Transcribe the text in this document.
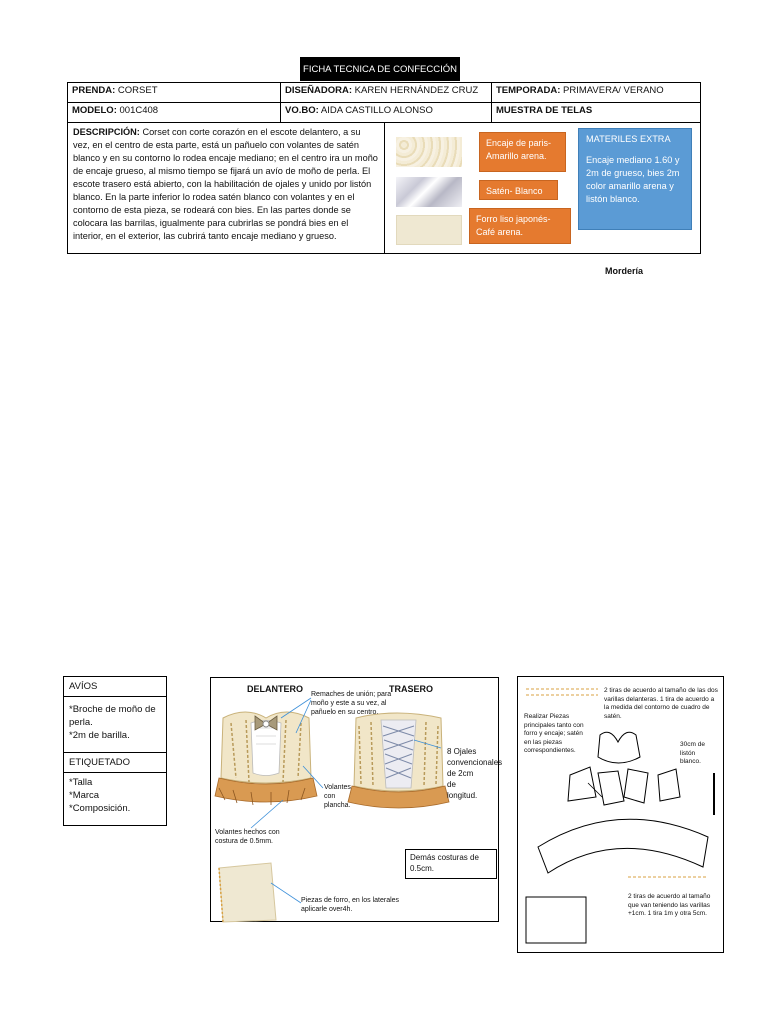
FICHA TECNICA DE CONFECCIÓN
PRENDA: CORSET	DISEÑADORA: KAREN HERNÁNDEZ CRUZ	TEMPORADA: PRIMAVERA/ VERANO
MODELO: 001C408	VO.BO: AIDA CASTILLO ALONSO	MUESTRA DE TELAS
DESCRIPCIÓN: Corset con corte corazón en el escote delantero, a su vez, en el centro de esta parte, está un pañuelo con volantes de satén blanco y en su contorno lo rodea encaje mediano; en el centro ira un moño de encaje grueso, al mismo tiempo se fijará un avío de moño de perla. El escote trasero está abierto, con la habilitación de ojales y unido por listón blanco. En la parte inferior lo rodea satén blanco con volantes y en el contorno de esta pieza, se rodeará con bies. En las partes donde se colocara las barrilas, igualmente para cubrirlas se pondrá bies en el interior, en el exterior, las cubrirá tanto encaje mediano y grueso.
Encaje de paris- Amarillo arena.
Satén- Blanco
Forro liso japonés- Café arena.
MATERILES EXTRA
Encaje mediano 1.60 y 2m de grueso, bies 2m color amarillo arena y listón blanco.
Mordería
AVÍOS
*Broche de moño de perla.
*2m de barilla.
ETIQUETADO
*Talla
*Marca
*Composición.
DELANTERO	TRASERO
Remaches de unión; para moño y este a su vez, al pañuelo en su centro.
Volantes con plancha.
8 Ojales convencionales de 2cm de longitud.
Volantes hechos con costura de 0.5mm.
Piezas de forro, en los laterales aplicarle over4h.
Demás costuras de 0.5cm.
2 tiras de acuerdo al tamaño de las dos varillas delanteras. 1 tira de acuerdo a la medida del contorno de cuadro de satén.
Realizar Piezas principales tanto con forro y encaje; satén en las piezas correspondientes.
30cm de listón blanco.
2 tiras de acuerdo al tamaño que van teniendo las varillas +1cm. 1 tira 1m y otra 5cm.
